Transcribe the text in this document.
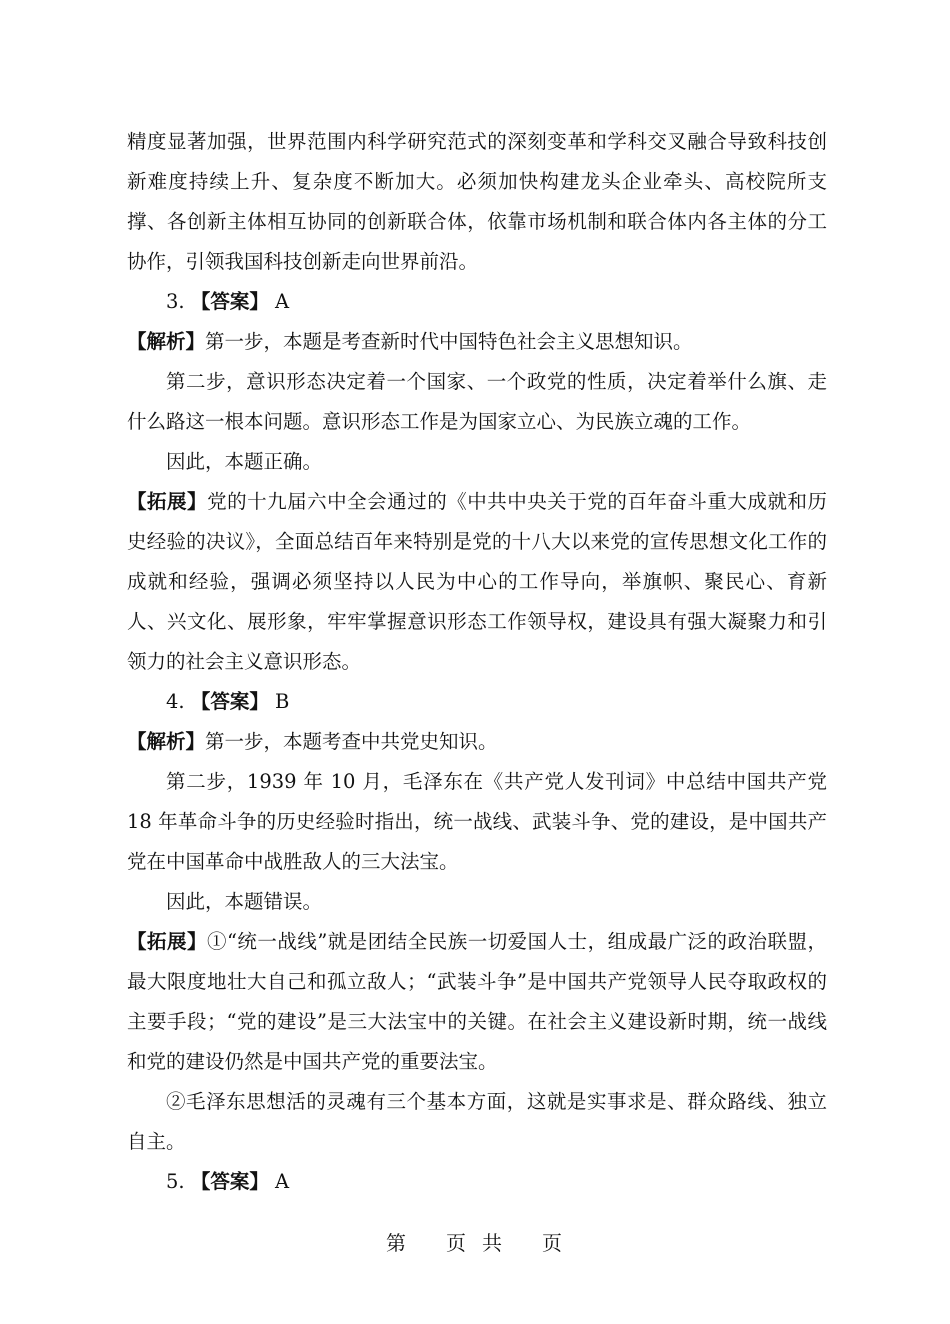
精度显著加强，世界范围内科学研究范式的深刻变革和学科交叉融合导致科技创新难度持续上升、复杂度不断加大。必须加快构建龙头企业牵头、高校院所支撑、各创新主体相互协同的创新联合体，依靠市场机制和联合体内各主体的分工协作，引领我国科技创新走向世界前沿。

3. 【答案】 A

【解析】第一步，本题是考查新时代中国特色社会主义思想知识。

第二步，意识形态决定着一个国家、一个政党的性质，决定着举什么旗、走什么路这一根本问题。意识形态工作是为国家立心、为民族立魂的工作。

因此，本题正确。

【拓展】党的十九届六中全会通过的《中共中央关于党的百年奋斗重大成就和历史经验的决议》，全面总结百年来特别是党的十八大以来党的宣传思想文化工作的成就和经验，强调必须坚持以人民为中心的工作导向，举旗帜、聚民心、育新人、兴文化、展形象，牢牢掌握意识形态工作领导权，建设具有强大凝聚力和引领力的社会主义意识形态。

4. 【答案】 B

【解析】第一步，本题考查中共党史知识。

第二步，1939 年 10 月，毛泽东在《共产党人发刊词》中总结中国共产党 18 年革命斗争的历史经验时指出，统一战线、武装斗争、党的建设，是中国共产党在中国革命中战胜敌人的三大法宝。

因此，本题错误。

【拓展】①“统一战线”就是团结全民族一切爱国人士，组成最广泛的政治联盟，最大限度地壮大自己和孤立敌人；“武装斗争”是中国共产党领导人民夺取政权的主要手段；“党的建设”是三大法宝中的关键。在社会主义建设新时期，统一战线和党的建设仍然是中国共产党的重要法宝。

②毛泽东思想活的灵魂有三个基本方面，这就是实事求是、群众路线、独立自主。

5. 【答案】 A

第 页 共 页
